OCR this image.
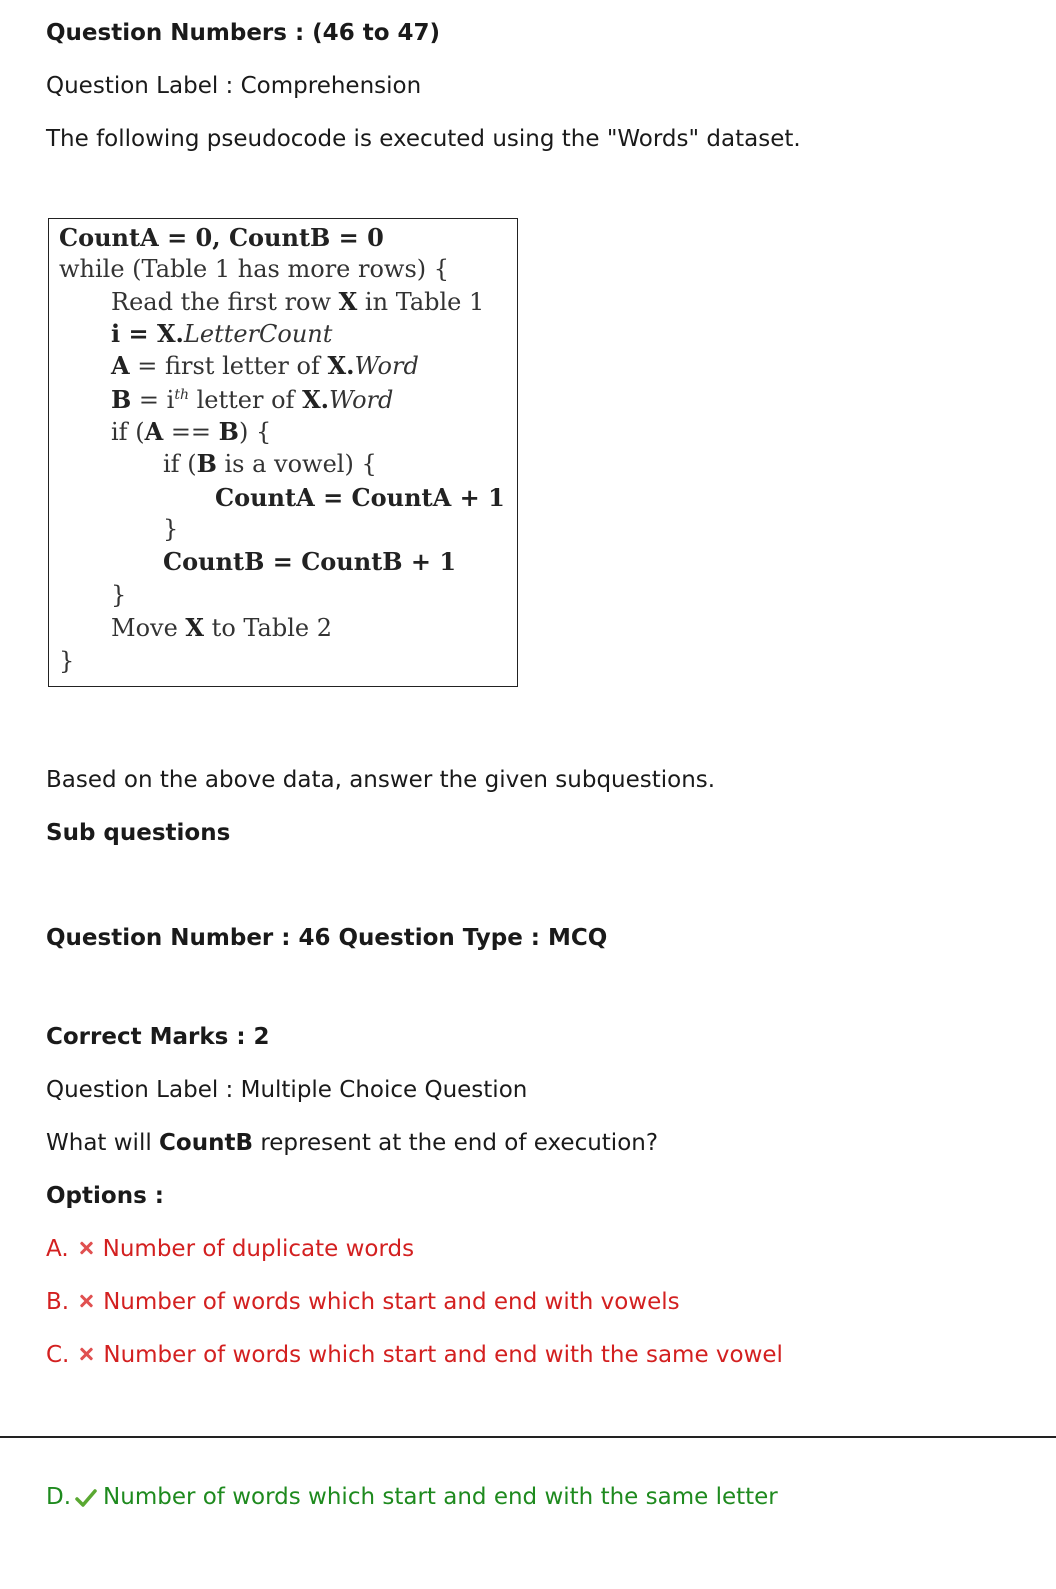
Question Numbers : (46 to 47)
Question Label : Comprehension
The following pseudocode is executed using the "Words" dataset.
CountA = 0, CountB = 0
while (Table 1 has more rows) {
Read the first row X in Table 1
i = X.LetterCount
A = first letter of X.Word
$B = i^{th}$ letter of X.Word
if (A == B) {
if (B is a vowel) {
CountA = CountA + 1
}
CountB = CountB + 1
}
Move X to Table 2
}
Based on the above data, answer the given subquestions.
Sub questions
Question Number : 46 Question Type : MCQ
Correct Marks : 2
Question Label : Multiple Choice Question
What will CountB represent at the end of execution?
Options :
A. Number of duplicate words
B. Number of words which start and end with vowels
C. Number of words which start and end with the same vowel
D. Number of words which start and end with the same letter
